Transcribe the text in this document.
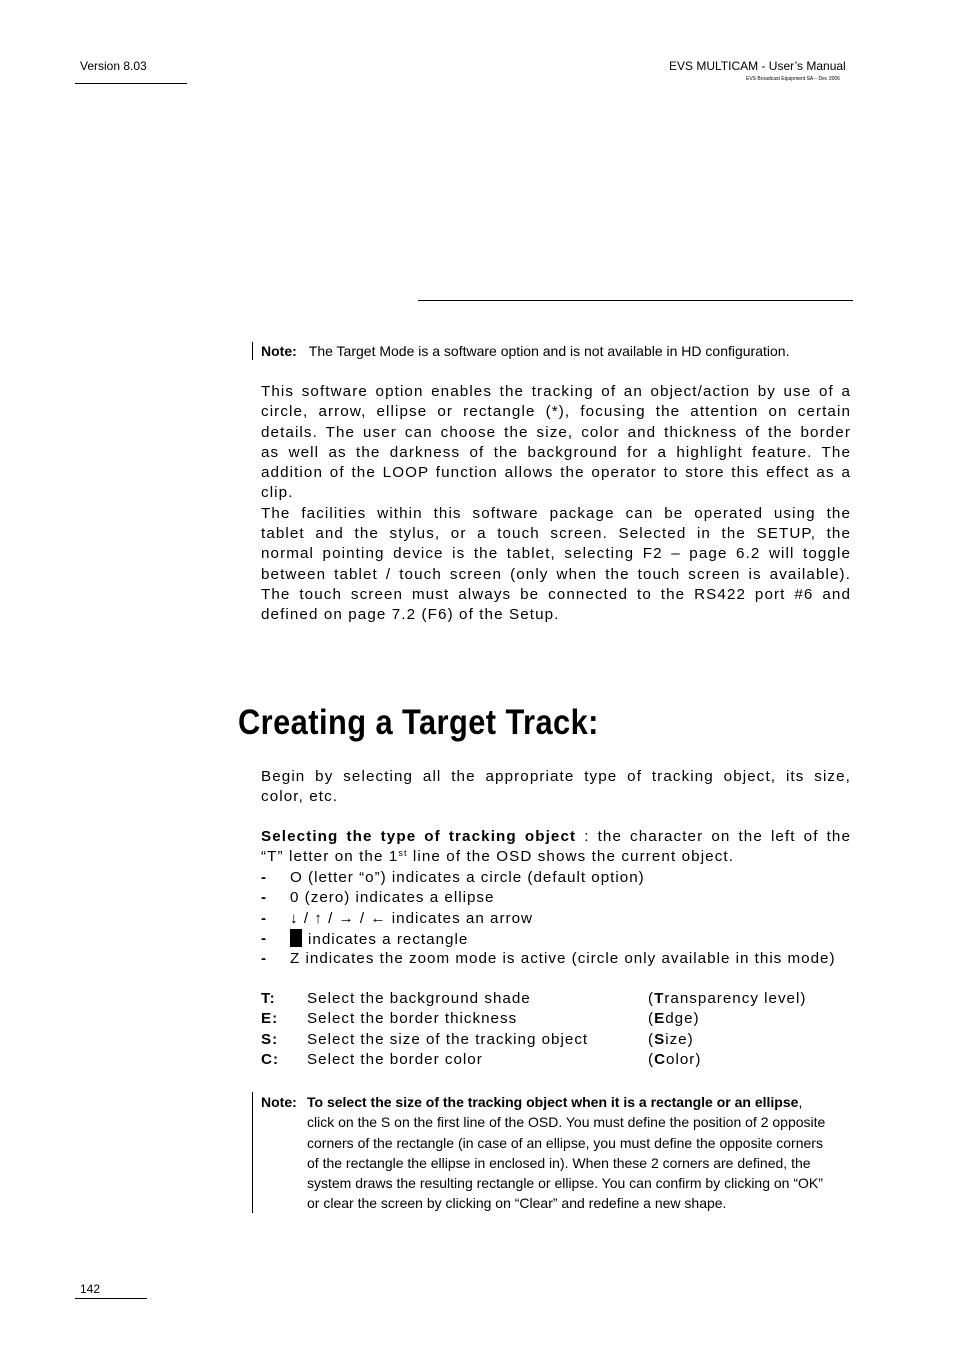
Version 8.03	EVS MULTICAM - User’s Manual
EVS Broadcast Equipment SA – Dec 2006
Note: The Target Mode is a software option and is not available in HD configuration.
This software option enables the tracking of an object/action by use of a
circle, arrow, ellipse or rectangle (*), focusing the attention on certain
details. The user can choose the size, color and thickness of the border
as well as the darkness of the background for a highlight feature. The
addition of the LOOP function allows the operator to store this effect as a
clip.
The facilities within this software package can be operated using the
tablet and the stylus, or a touch screen. Selected in the SETUP, the
normal pointing device is the tablet, selecting F2 – page 6.2 will toggle
between tablet / touch screen (only when the touch screen is available).
The touch screen must always be connected to the RS422 port #6 and
defined on page 7.2 (F6) of the Setup.
Creating a Target Track:
Begin by selecting all the appropriate type of tracking object, its size,
color, etc.
Selecting the type of tracking object : the character on the left of the
“T” letter on the 1st line of the OSD shows the current object.
- O (letter “o”) indicates a circle (default option)
- 0 (zero) indicates a ellipse
- ↓ / ↑ / → / ← indicates an arrow
-	indicates a rectangle
- Z indicates the zoom mode is active (circle only available in this mode)
T: Select the background shade	(Transparency level)
E: Select the border thickness	(Edge)
S: Select the size of the tracking object	(Size)
C: Select the border color	(Color)
Note: To select the size of the tracking object when it is a rectangle or an ellipse,
click on the S on the first line of the OSD. You must define the position of 2 opposite
corners of the rectangle (in case of an ellipse, you must define the opposite corners
of the rectangle the ellipse in enclosed in). When these 2 corners are defined, the
system draws the resulting rectangle or ellipse. You can confirm by clicking on “OK”
or clear the screen by clicking on “Clear” and redefine a new shape.
142
